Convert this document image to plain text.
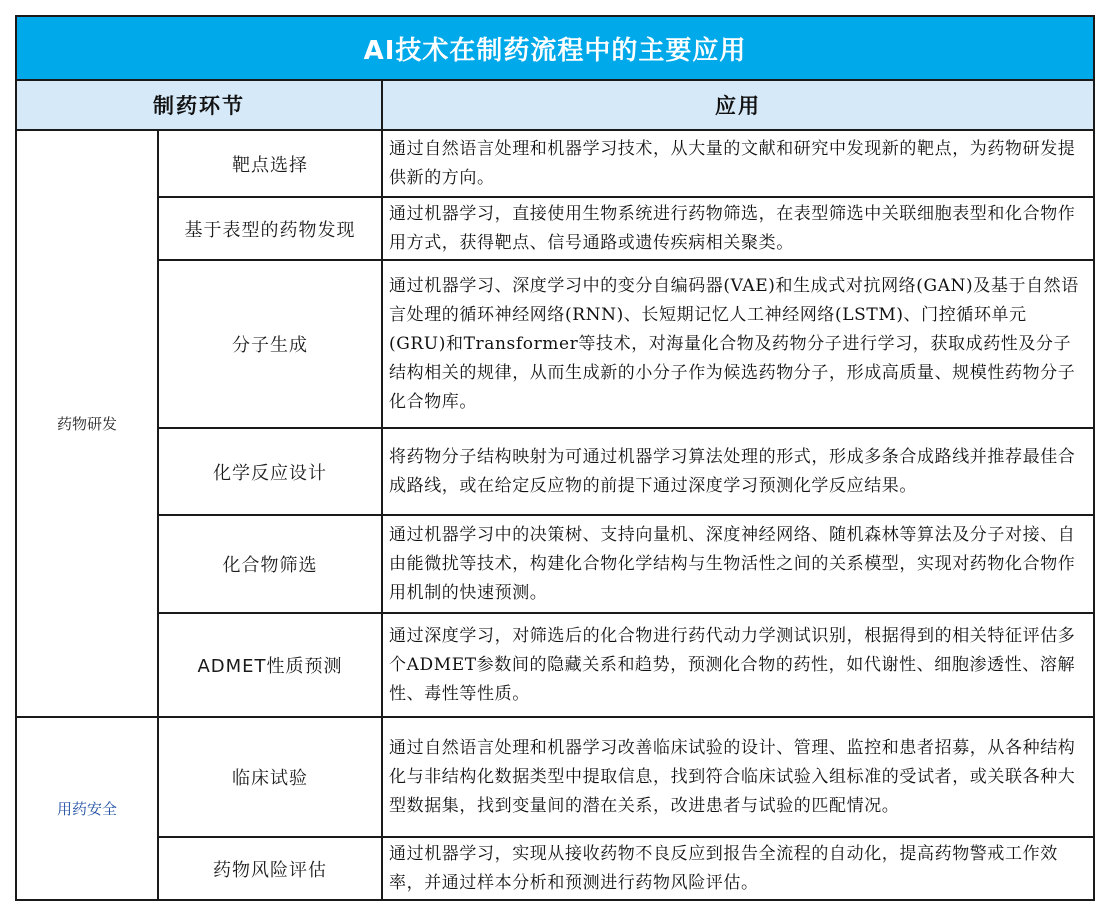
AI技术在制药流程中的主要应用		
制药环节		应用
药物研发	靶点选择	通过自然语言处理和机器学习技术，从大量的文献和研究中发现新的靶点，为药物研发提供新的方向。
	基于表型的药物发现	通过机器学习，直接使用生物系统进行药物筛选，在表型筛选中关联细胞表型和化合物作用方式，获得靶点、信号通路或遗传疾病相关聚类。
	分子生成	通过机器学习、深度学习中的变分自编码器(VAE)和生成式对抗网络(GAN)及基于自然语言处理的循环神经网络(RNN)、长短期记忆人工神经网络(LSTM)、门控循环单元(GRU)和Transformer等技术，对海量化合物及药物分子进行学习，获取成药性及分子结构相关的规律，从而生成新的小分子作为候选药物分子，形成高质量、规模性药物分子化合物库。
	化学反应设计	将药物分子结构映射为可通过机器学习算法处理的形式，形成多条合成路线并推荐最佳合成路线，或在给定反应物的前提下通过深度学习预测化学反应结果。
	化合物筛选	通过机器学习中的决策树、支持向量机、深度神经网络、随机森林等算法及分子对接、自由能微扰等技术，构建化合物化学结构与生物活性之间的关系模型，实现对药物化合物作用机制的快速预测。
	ADMET性质预测	通过深度学习，对筛选后的化合物进行药代动力学测试识别，根据得到的相关特征评估多个ADMET参数间的隐藏关系和趋势，预测化合物的药性，如代谢性、细胞渗透性、溶解性、毒性等性质。
用药安全	临床试验	通过自然语言处理和机器学习改善临床试验的设计、管理、监控和患者招募，从各种结构化与非结构化数据类型中提取信息，找到符合临床试验入组标准的受试者，或关联各种大型数据集，找到变量间的潜在关系，改进患者与试验的匹配情况。
	药物风险评估	通过机器学习，实现从接收药物不良反应到报告全流程的自动化，提高药物警戒工作效率，并通过样本分析和预测进行药物风险评估。
